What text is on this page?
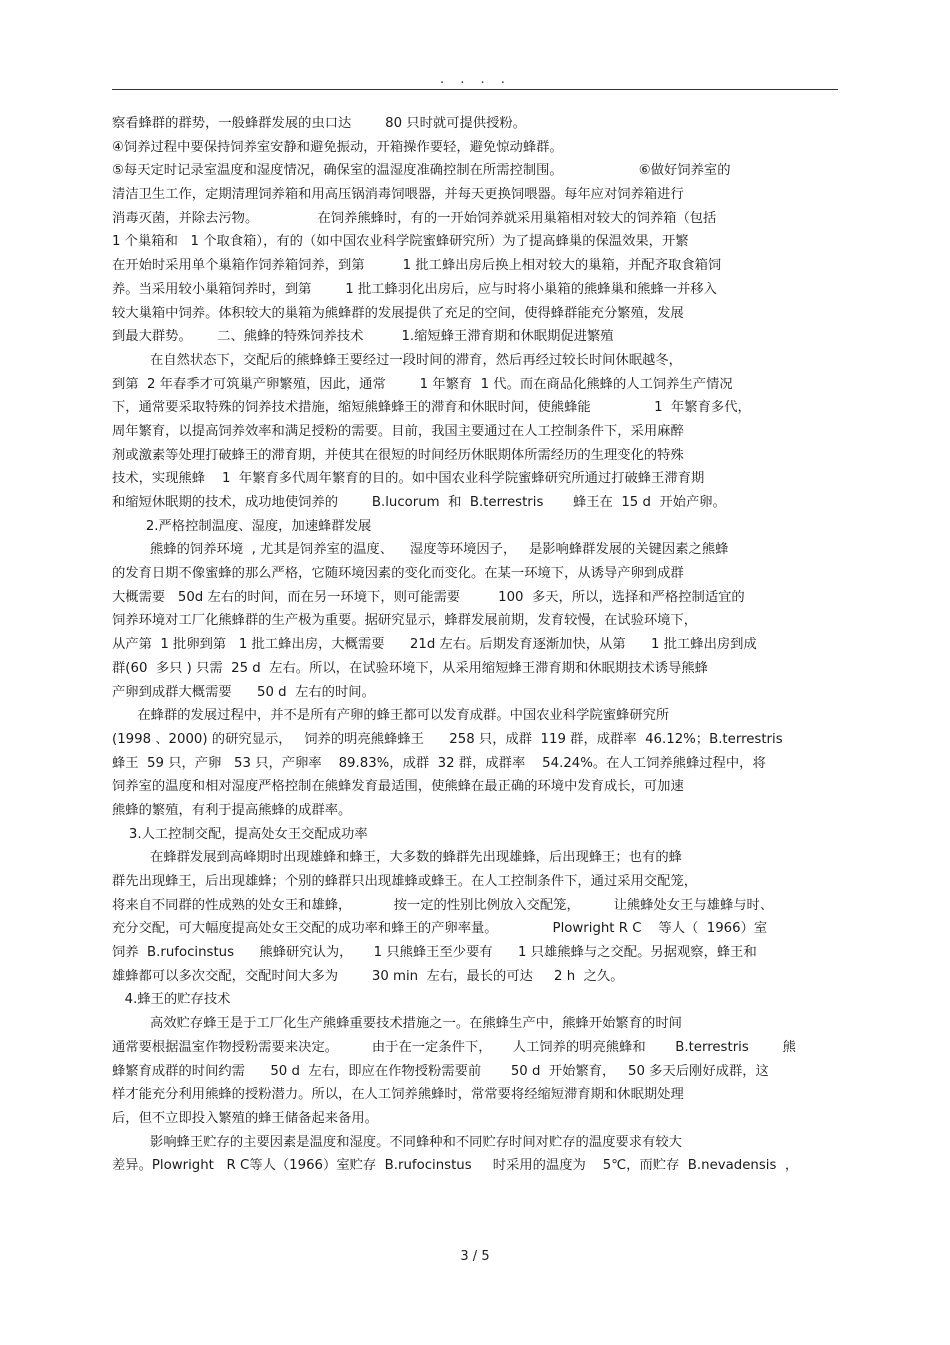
. . . .
察看蜂群的群势，一般蜂群发展的虫口达        80 只时就可提供授粉。
④饲养过程中要保持饲养室安静和避免振动，开箱操作要轻，避免惊动蜂群。
⑤每天定时记录室温度和湿度情况，确保室的温湿度准确控制在所需控制围。                  ⑥做好饲养室的
清洁卫生工作，定期清理饲养箱和用高压锅消毒饲喂器，并每天更换饲喂器。每年应对饲养箱进行
消毒灭菌，并除去污物。              在饲养熊蜂时，有的一开始饲养就采用巢箱相对较大的饲养箱（包括
1 个巢箱和   1 个取食箱），有的（如中国农业科学院蜜蜂研究所）为了提高蜂巢的保温效果，开繁
在开始时采用单个巢箱作饲养箱饲养，到第         1 批工蜂出房后换上相对较大的巢箱，并配齐取食箱饲
养。当采用较小巢箱饲养时，到第        1 批工蜂羽化出房后，应与时将小巢箱的熊蜂巢和熊蜂一并移入
较大巢箱中饲养。体积较大的巢箱为熊蜂群的发展提供了充足的空间，使得蜂群能充分繁殖，发展
到最大群势。      二、熊蜂的特殊饲养技术         1.缩短蜂王滞育期和休眠期促进繁殖
在自然状态下，交配后的熊蜂蜂王要经过一段时间的滞育，然后再经过较长时间休眠越冬，
到第  2 年春季才可筑巢产卵繁殖，因此，通常        1 年繁育  1 代。而在商品化熊蜂的人工饲养生产情况
下，通常要采取特殊的饲养技术措施，缩短熊蜂蜂王的滞育和休眠时间，使熊蜂能               1  年繁育多代，
周年繁育，以提高饲养效率和满足授粉的需要。目前，我国主要通过在人工控制条件下，采用麻醉
剂或激素等处理打破蜂王的滞育期，并使其在很短的时间经历休眠期体所需经历的生理变化的特殊
技术，实现熊蜂    1  年繁育多代周年繁育的目的。如中国农业科学院蜜蜂研究所通过打破蜂王滞育期
和缩短休眠期的技术，成功地使饲养的        B.lucorum  和  B.terrestris       蜂王在  15 d  开始产卵。
2.严格控制温度、湿度，加速蜂群发展
熊蜂的饲养环境  , 尤其是饲养室的温度、    湿度等环境因子，   是影响蜂群发展的关键因素之熊蜂
的发育日期不像蜜蜂的那么严格，它随环境因素的变化而变化。在某一环境下，从诱导产卵到成群
大概需要   50d 左右的时间，而在另一环境下，则可能需要         100  多天，所以，选择和严格控制适宜的
饲养环境对工厂化熊蜂群的生产极为重要。据研究显示，蜂群发展前期，发育较慢，在试验环境下，
从产第  1 批卵到第   1 批工蜂出房，大概需要      21d 左右。后期发育逐渐加快，从第      1 批工蜂出房到成
群(60  多只 ) 只需  25 d  左右。所以，在试验环境下，从采用缩短蜂王滞育期和休眠期技术诱导熊蜂
产卵到成群大概需要      50 d  左右的时间。
在蜂群的发展过程中，并不是所有产卵的蜂王都可以发育成群。中国农业科学院蜜蜂研究所
(1998 、2000) 的研究显示，   饲养的明亮熊蜂蜂王      258 只，成群  119 群，成群率  46.12%；B.terrestris
蜂王  59 只，产卵   53 只，产卵率    89.83%，成群  32 群，成群率    54.24%。在人工饲养熊蜂过程中，将
饲养室的温度和相对湿度严格控制在熊蜂发育最适围，使熊蜂在最正确的环境中发育成长，可加速
熊蜂的繁殖，有利于提高熊蜂的成群率。
3.人工控制交配，提高处女王交配成功率
在蜂群发展到高峰期时出现雄蜂和蜂王，大多数的蜂群先出现雄蜂，后出现蜂王；也有的蜂
群先出现蜂王，后出现雄蜂；个别的蜂群只出现雄蜂或蜂王。在人工控制条件下，通过采用交配笼，
将来自不同群的性成熟的处女王和雄蜂，          按一定的性别比例放入交配笼，        让熊蜂处女王与雄蜂与时、
充分交配，可大幅度提高处女王交配的成功率和蜂王的产卵率量。             Plowright R C    等人（  1966）室
饲养  B.rufocinstus      熊蜂研究认为，     1 只熊蜂王至少要有      1 只雄熊蜂与之交配。另据观察，蜂王和
雄蜂都可以多次交配，交配时间大多为        30 min  左右，最长的可达     2 h  之久。
4.蜂王的贮存技术
高效贮存蜂王是于工厂化生产熊蜂重要技术措施之一。在熊蜂生产中，熊蜂开始繁育的时间
通常要根据温室作物授粉需要来决定。        由于在一定条件下，     人工饲养的明亮熊蜂和       B.terrestris        熊
蜂繁育成群的时间约需      50 d  左右，即应在作物授粉需要前       50 d  开始繁育，   50 多天后刚好成群，这
样才能充分利用熊蜂的授粉潜力。所以，在人工饲养熊蜂时，常常要将经缩短滞育期和休眠期处理
后，但不立即投入繁殖的蜂王储备起来备用。
影响蜂王贮存的主要因素是温度和湿度。不同蜂种和不同贮存时间对贮存的温度要求有较大
差异。Plowright   R C等人（1966）室贮存  B.rufocinstus     时采用的温度为    5℃，而贮存  B.nevadensis  ，
3 / 5
